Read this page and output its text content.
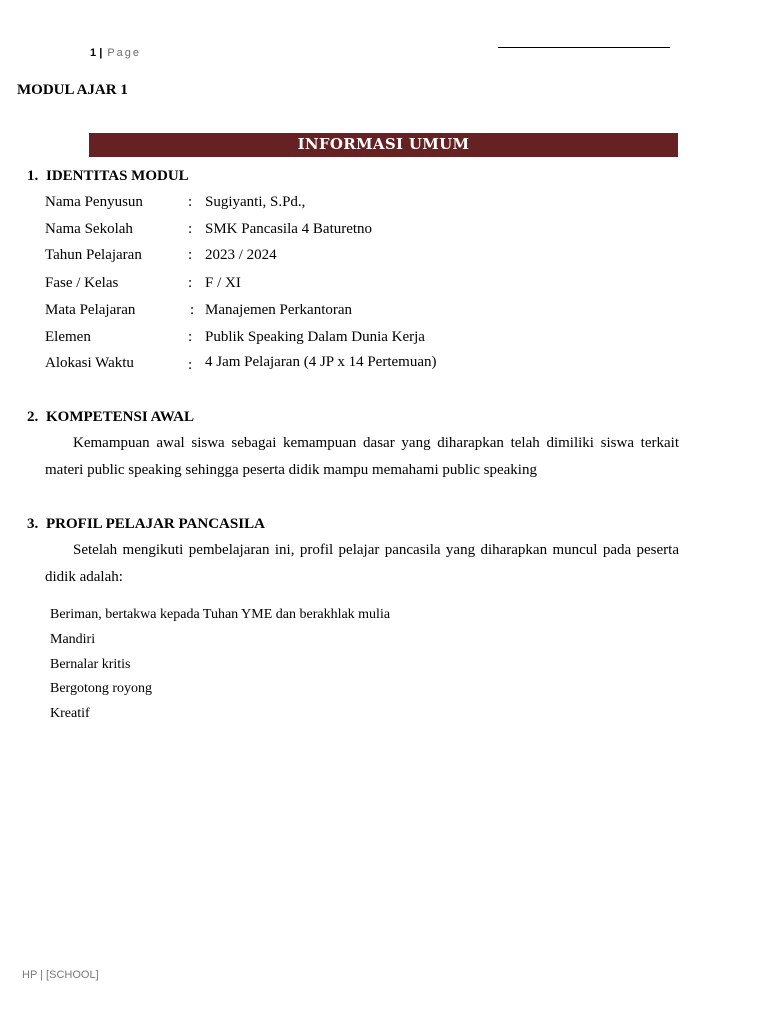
1 | Page
MODUL AJAR 1
INFORMASI UMUM
1. IDENTITAS MODUL
Nama Penyusun	: Sugiyanti, S.Pd.,
Nama Sekolah	: SMK Pancasila 4 Baturetno
Tahun Pelajaran	: 2023 / 2024
Fase / Kelas	: F / XI
Mata Pelajaran	: Manajemen Perkantoran
Elemen	: Publik Speaking Dalam Dunia Kerja
Alokasi Waktu	: 4 Jam Pelajaran (4 JP x 14 Pertemuan)
2. KOMPETENSI AWAL
Kemampuan awal siswa sebagai kemampuan dasar yang diharapkan telah dimiliki siswa terkait materi public speaking sehingga peserta didik mampu memahami public speaking
3. PROFIL PELAJAR PANCASILA
Setelah mengikuti pembelajaran ini, profil pelajar pancasila yang diharapkan muncul pada peserta didik adalah:
Beriman, bertakwa kepada Tuhan YME dan berakhlak mulia
Mandiri
Bernalar kritis
Bergotong royong
Kreatif
HP | [SCHOOL]
